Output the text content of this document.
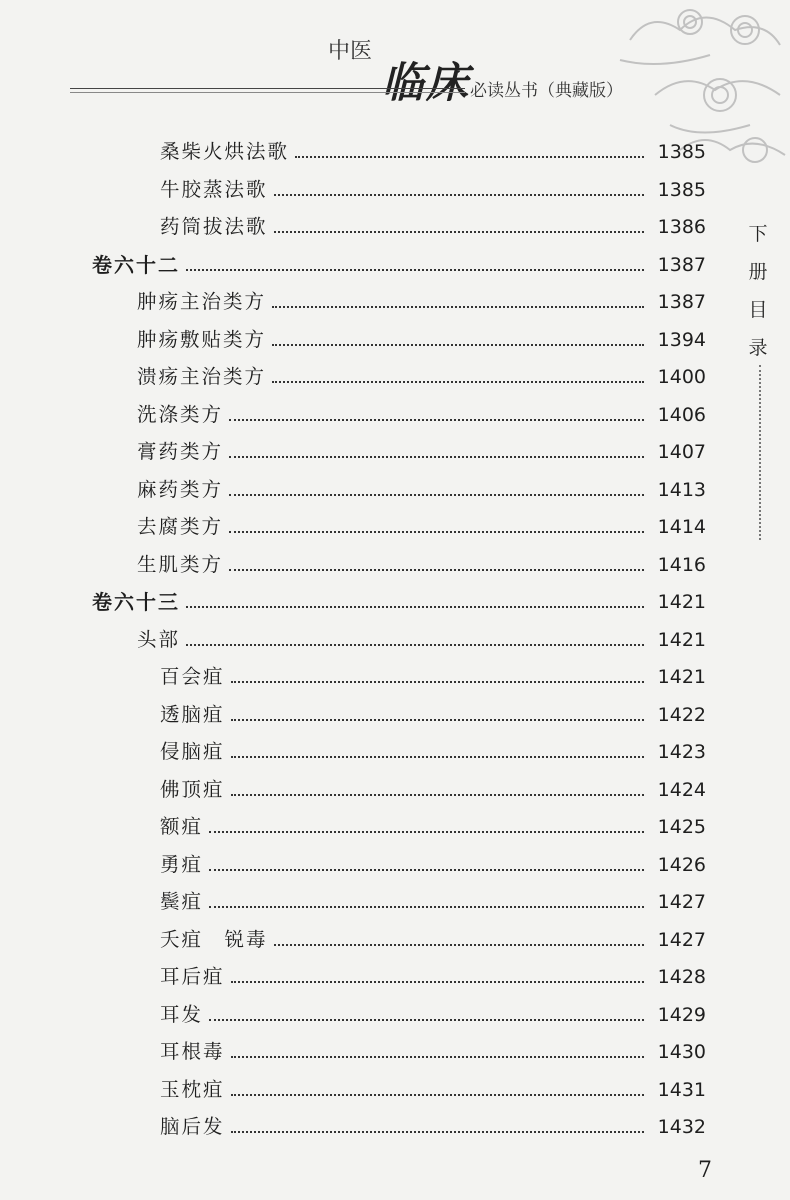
中医
临床 必读丛书（典藏版）
下
册
目
录
桑柴火烘法歌	1385
牛胶蒸法歌	1385
药筒拔法歌	1386
卷六十二	1387
肿疡主治类方	1387
肿疡敷贴类方	1394
溃疡主治类方	1400
洗涤类方	1406
膏药类方	1407
麻药类方	1413
去腐类方	1414
生肌类方	1416
卷六十三	1421
头部	1421
百会疽	1421
透脑疽	1422
侵脑疽	1423
佛顶疽	1424
额疽	1425
勇疽	1426
鬓疽	1427
夭疽　锐毒	1427
耳后疽	1428
耳发	1429
耳根毒	1430
玉枕疽	1431
脑后发	1432
7
